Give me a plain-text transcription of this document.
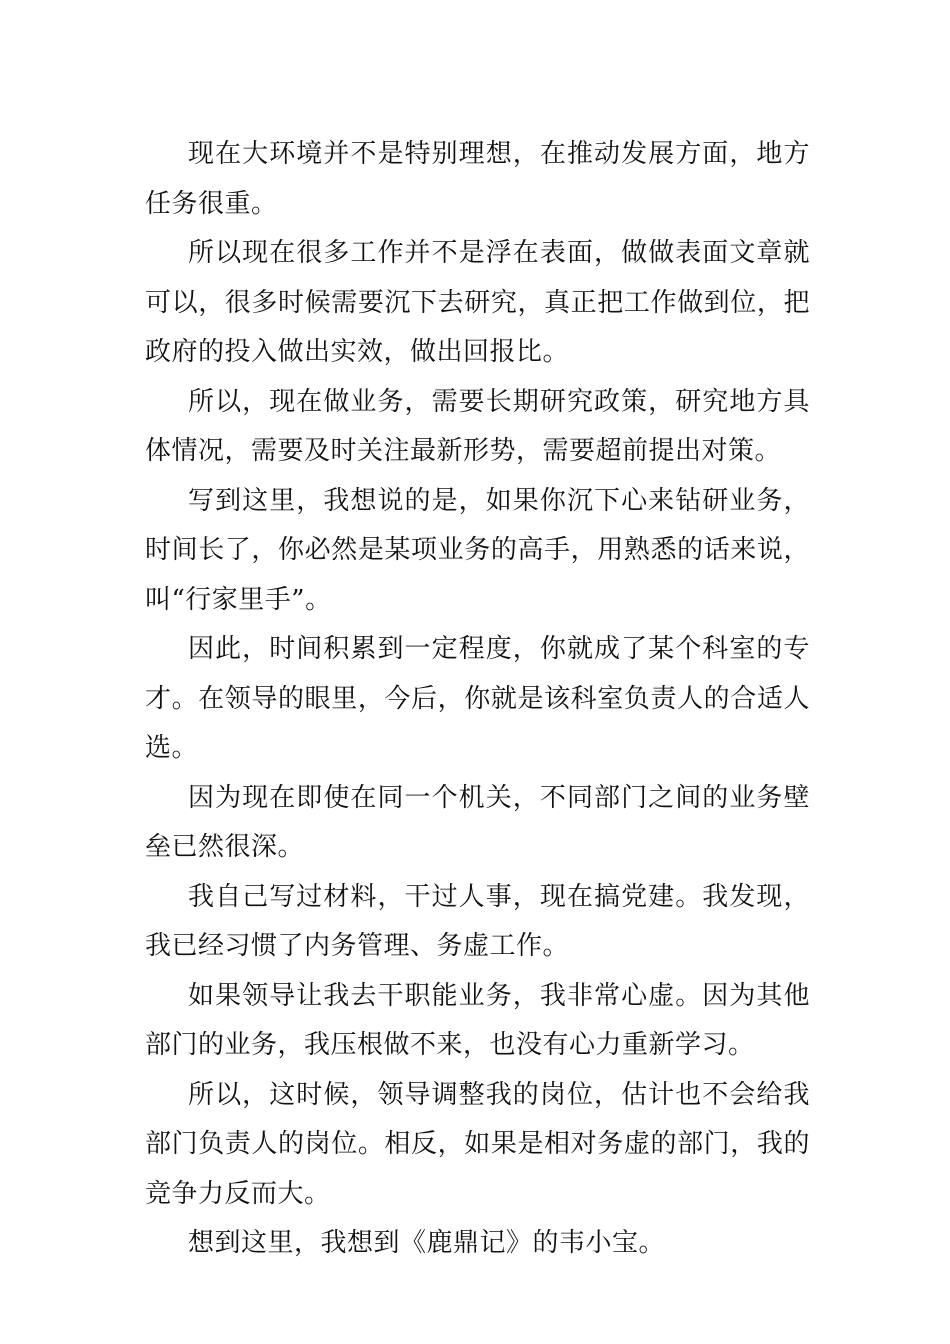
现在大环境并不是特别理想，在推动发展方面，地方任务很重。

所以现在很多工作并不是浮在表面，做做表面文章就可以，很多时候需要沉下去研究，真正把工作做到位，把政府的投入做出实效，做出回报比。

所以，现在做业务，需要长期研究政策，研究地方具体情况，需要及时关注最新形势，需要超前提出对策。

写到这里，我想说的是，如果你沉下心来钻研业务，时间长了，你必然是某项业务的高手，用熟悉的话来说，叫“行家里手”。

因此，时间积累到一定程度，你就成了某个科室的专才。在领导的眼里，今后，你就是该科室负责人的合适人选。

因为现在即使在同一个机关，不同部门之间的业务壁垒已然很深。

我自己写过材料，干过人事，现在搞党建。我发现，我已经习惯了内务管理、务虚工作。

如果领导让我去干职能业务，我非常心虚。因为其他部门的业务，我压根做不来，也没有心力重新学习。

所以，这时候，领导调整我的岗位，估计也不会给我部门负责人的岗位。相反，如果是相对务虚的部门，我的竞争力反而大。

想到这里，我想到《鹿鼎记》的韦小宝。
